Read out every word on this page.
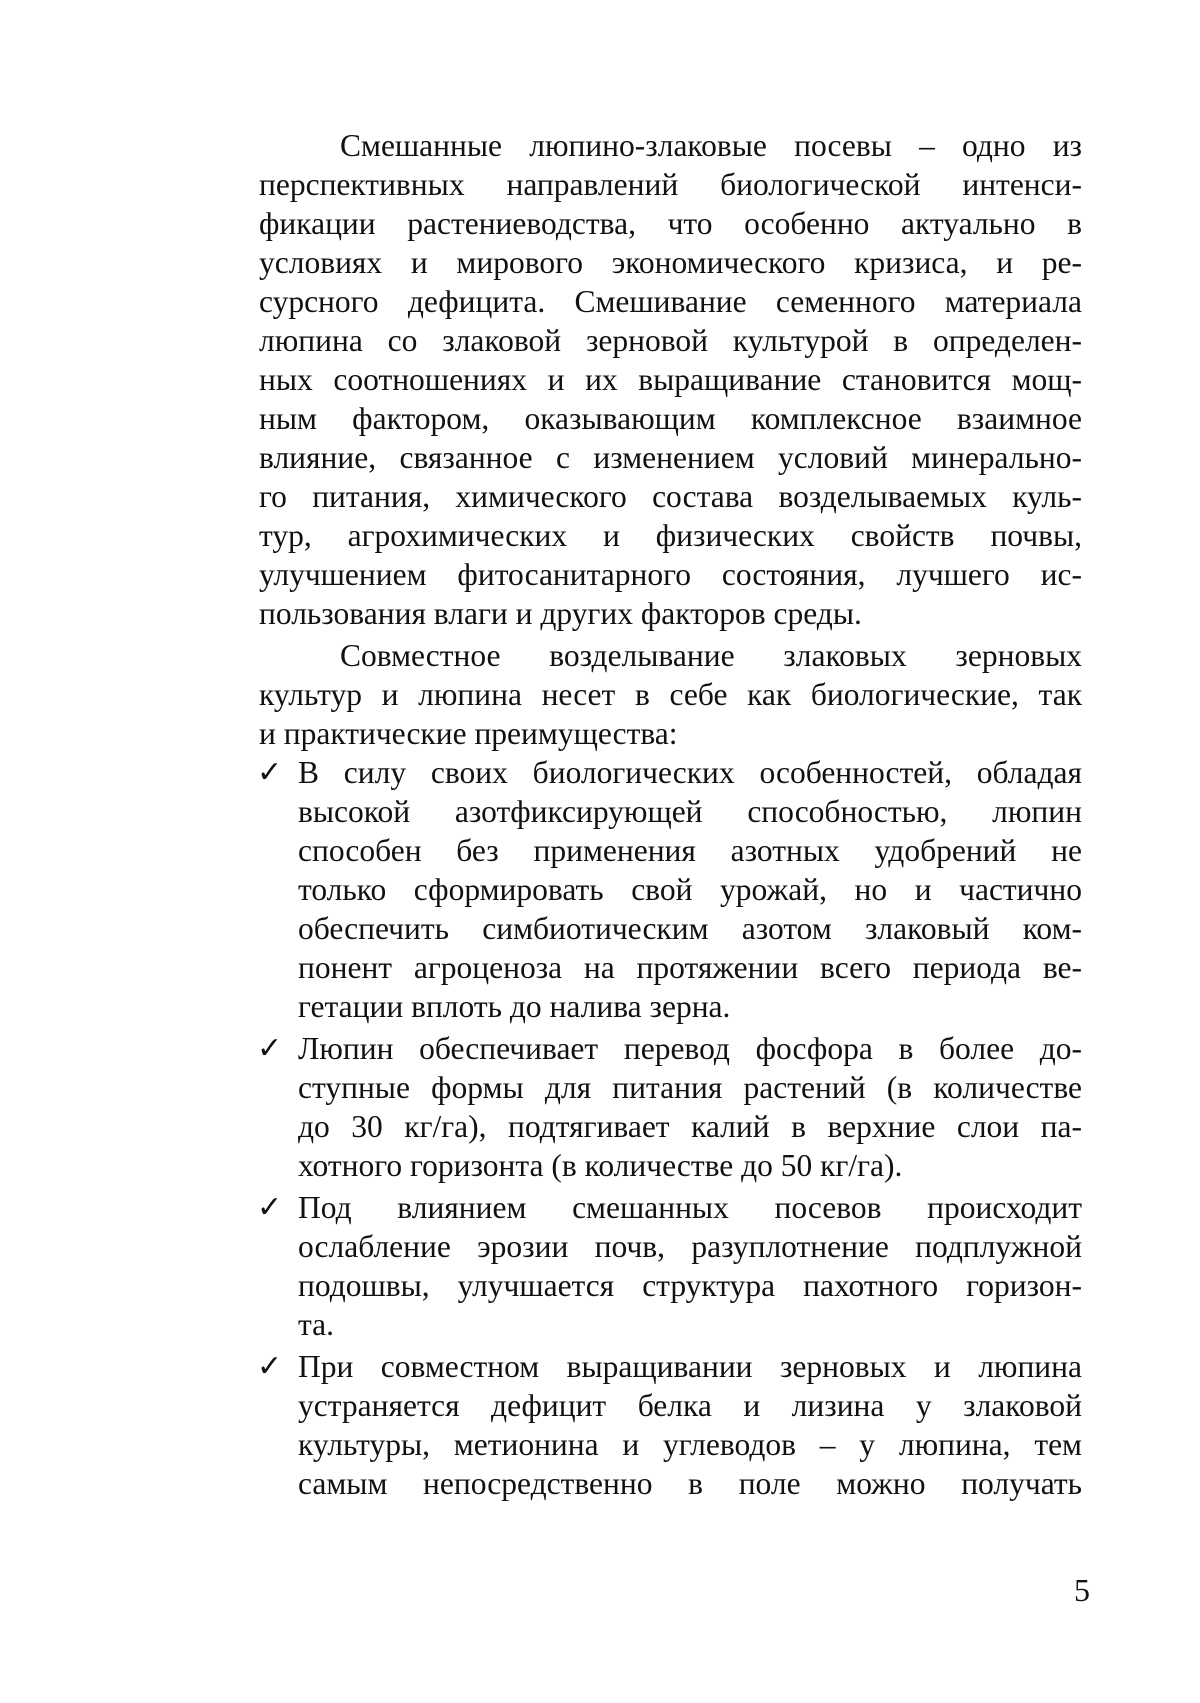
Смешанные люпино-злаковые посевы – одно из
перспективных направлений биологической интенси-
фикации растениеводства, что особенно актуально в
условиях и мирового экономического кризиса, и ре-
сурсного дефицита. Смешивание семенного материала
люпина со злаковой зерновой культурой в определен-
ных соотношениях и их выращивание становится мощ-
ным фактором, оказывающим комплексное взаимное
влияние, связанное с изменением условий минерально-
го питания, химического состава возделываемых куль-
тур, агрохимических и физических свойств почвы,
улучшением фитосанитарного состояния, лучшего ис-
пользования влаги и других факторов среды.
Совместное возделывание злаковых зерновых
культур и люпина несет в себе как биологические, так
и практические преимущества:
✓ В силу своих биологических особенностей, обладая
высокой азотфиксирующей способностью, люпин
способен без применения азотных удобрений не
только сформировать свой урожай, но и частично
обеспечить симбиотическим азотом злаковый ком-
понент агроценоза на протяжении всего периода ве-
гетации вплоть до налива зерна.
✓ Люпин обеспечивает перевод фосфора в более до-
ступные формы для питания растений (в количестве
до 30 кг/га), подтягивает калий в верхние слои па-
хотного горизонта (в количестве до 50 кг/га).
✓ Под влиянием смешанных посевов происходит
ослабление эрозии почв, разуплотнение подплужной
подошвы, улучшается структура пахотного горизон-
та.
✓ При совместном выращивании зерновых и люпина
устраняется дефицит белка и лизина у злаковой
культуры, метионина и углеводов – у люпина, тем
самым непосредственно в поле можно получать
5
